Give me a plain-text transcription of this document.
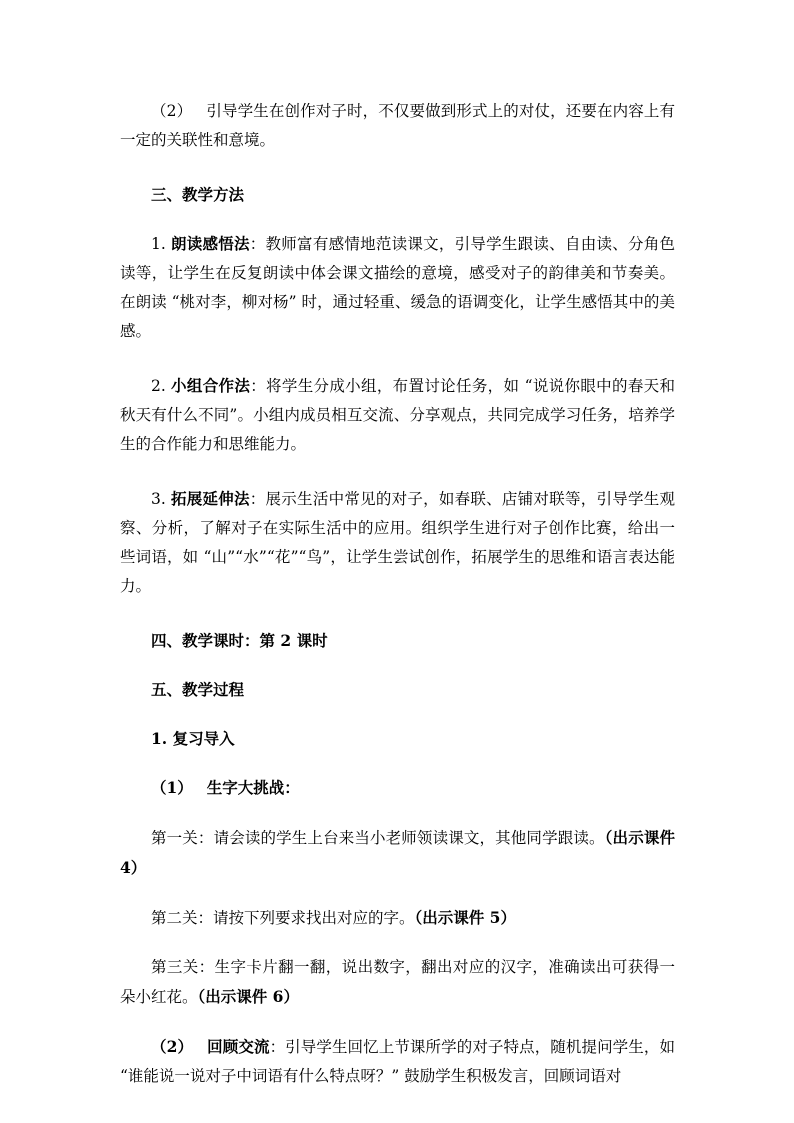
（2） 引导学生在创作对子时，不仅要做到形式上的对仗，还要在内容上有一定的关联性和意境。

三、教学方法

1. 朗读感悟法：教师富有感情地范读课文，引导学生跟读、自由读、分角色读等，让学生在反复朗读中体会课文描绘的意境，感受对子的韵律美和节奏美。在朗读 “桃对李，柳对杨” 时，通过轻重、缓急的语调变化，让学生感悟其中的美感。

2. 小组合作法：将学生分成小组，布置讨论任务，如 “说说你眼中的春天和秋天有什么不同”。小组内成员相互交流、分享观点，共同完成学习任务，培养学生的合作能力和思维能力。

3. 拓展延伸法：展示生活中常见的对子，如春联、店铺对联等，引导学生观察、分析，了解对子在实际生活中的应用。组织学生进行对子创作比赛，给出一些词语，如 “山”“水”“花”“鸟”，让学生尝试创作，拓展学生的思维和语言表达能力。

四、教学课时：第 2 课时

五、教学过程

1. 复习导入

（1） 生字大挑战：

第一关：请会读的学生上台来当小老师领读课文，其他同学跟读。（出示课件 4）

第二关：请按下列要求找出对应的字。（出示课件 5）

第三关：生字卡片翻一翻，说出数字，翻出对应的汉字，准确读出可获得一朵小红花。（出示课件 6）

（2） 回顾交流：引导学生回忆上节课所学的对子特点，随机提问学生，如 “谁能说一说对子中词语有什么特点呀？” 鼓励学生积极发言，回顾词语对
